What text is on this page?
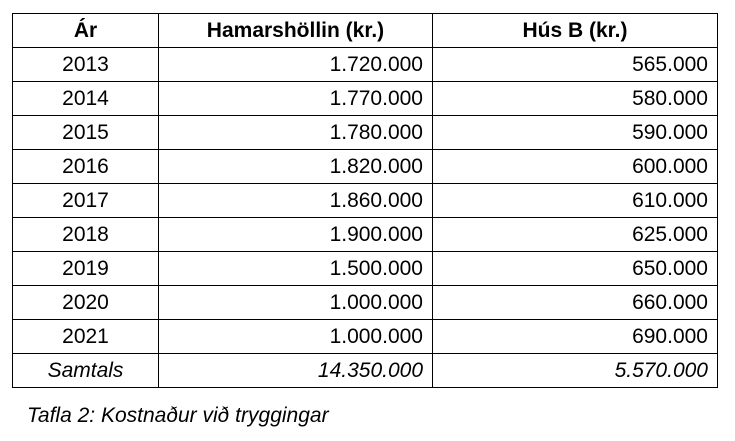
Ár	Hamarshöllin (kr.)	Hús B (kr.)
2013	1.720.000	565.000
2014	1.770.000	580.000
2015	1.780.000	590.000
2016	1.820.000	600.000
2017	1.860.000	610.000
2018	1.900.000	625.000
2019	1.500.000	650.000
2020	1.000.000	660.000
2021	1.000.000	690.000
Samtals	14.350.000	5.570.000
Tafla 2: Kostnaður við tryggingar
